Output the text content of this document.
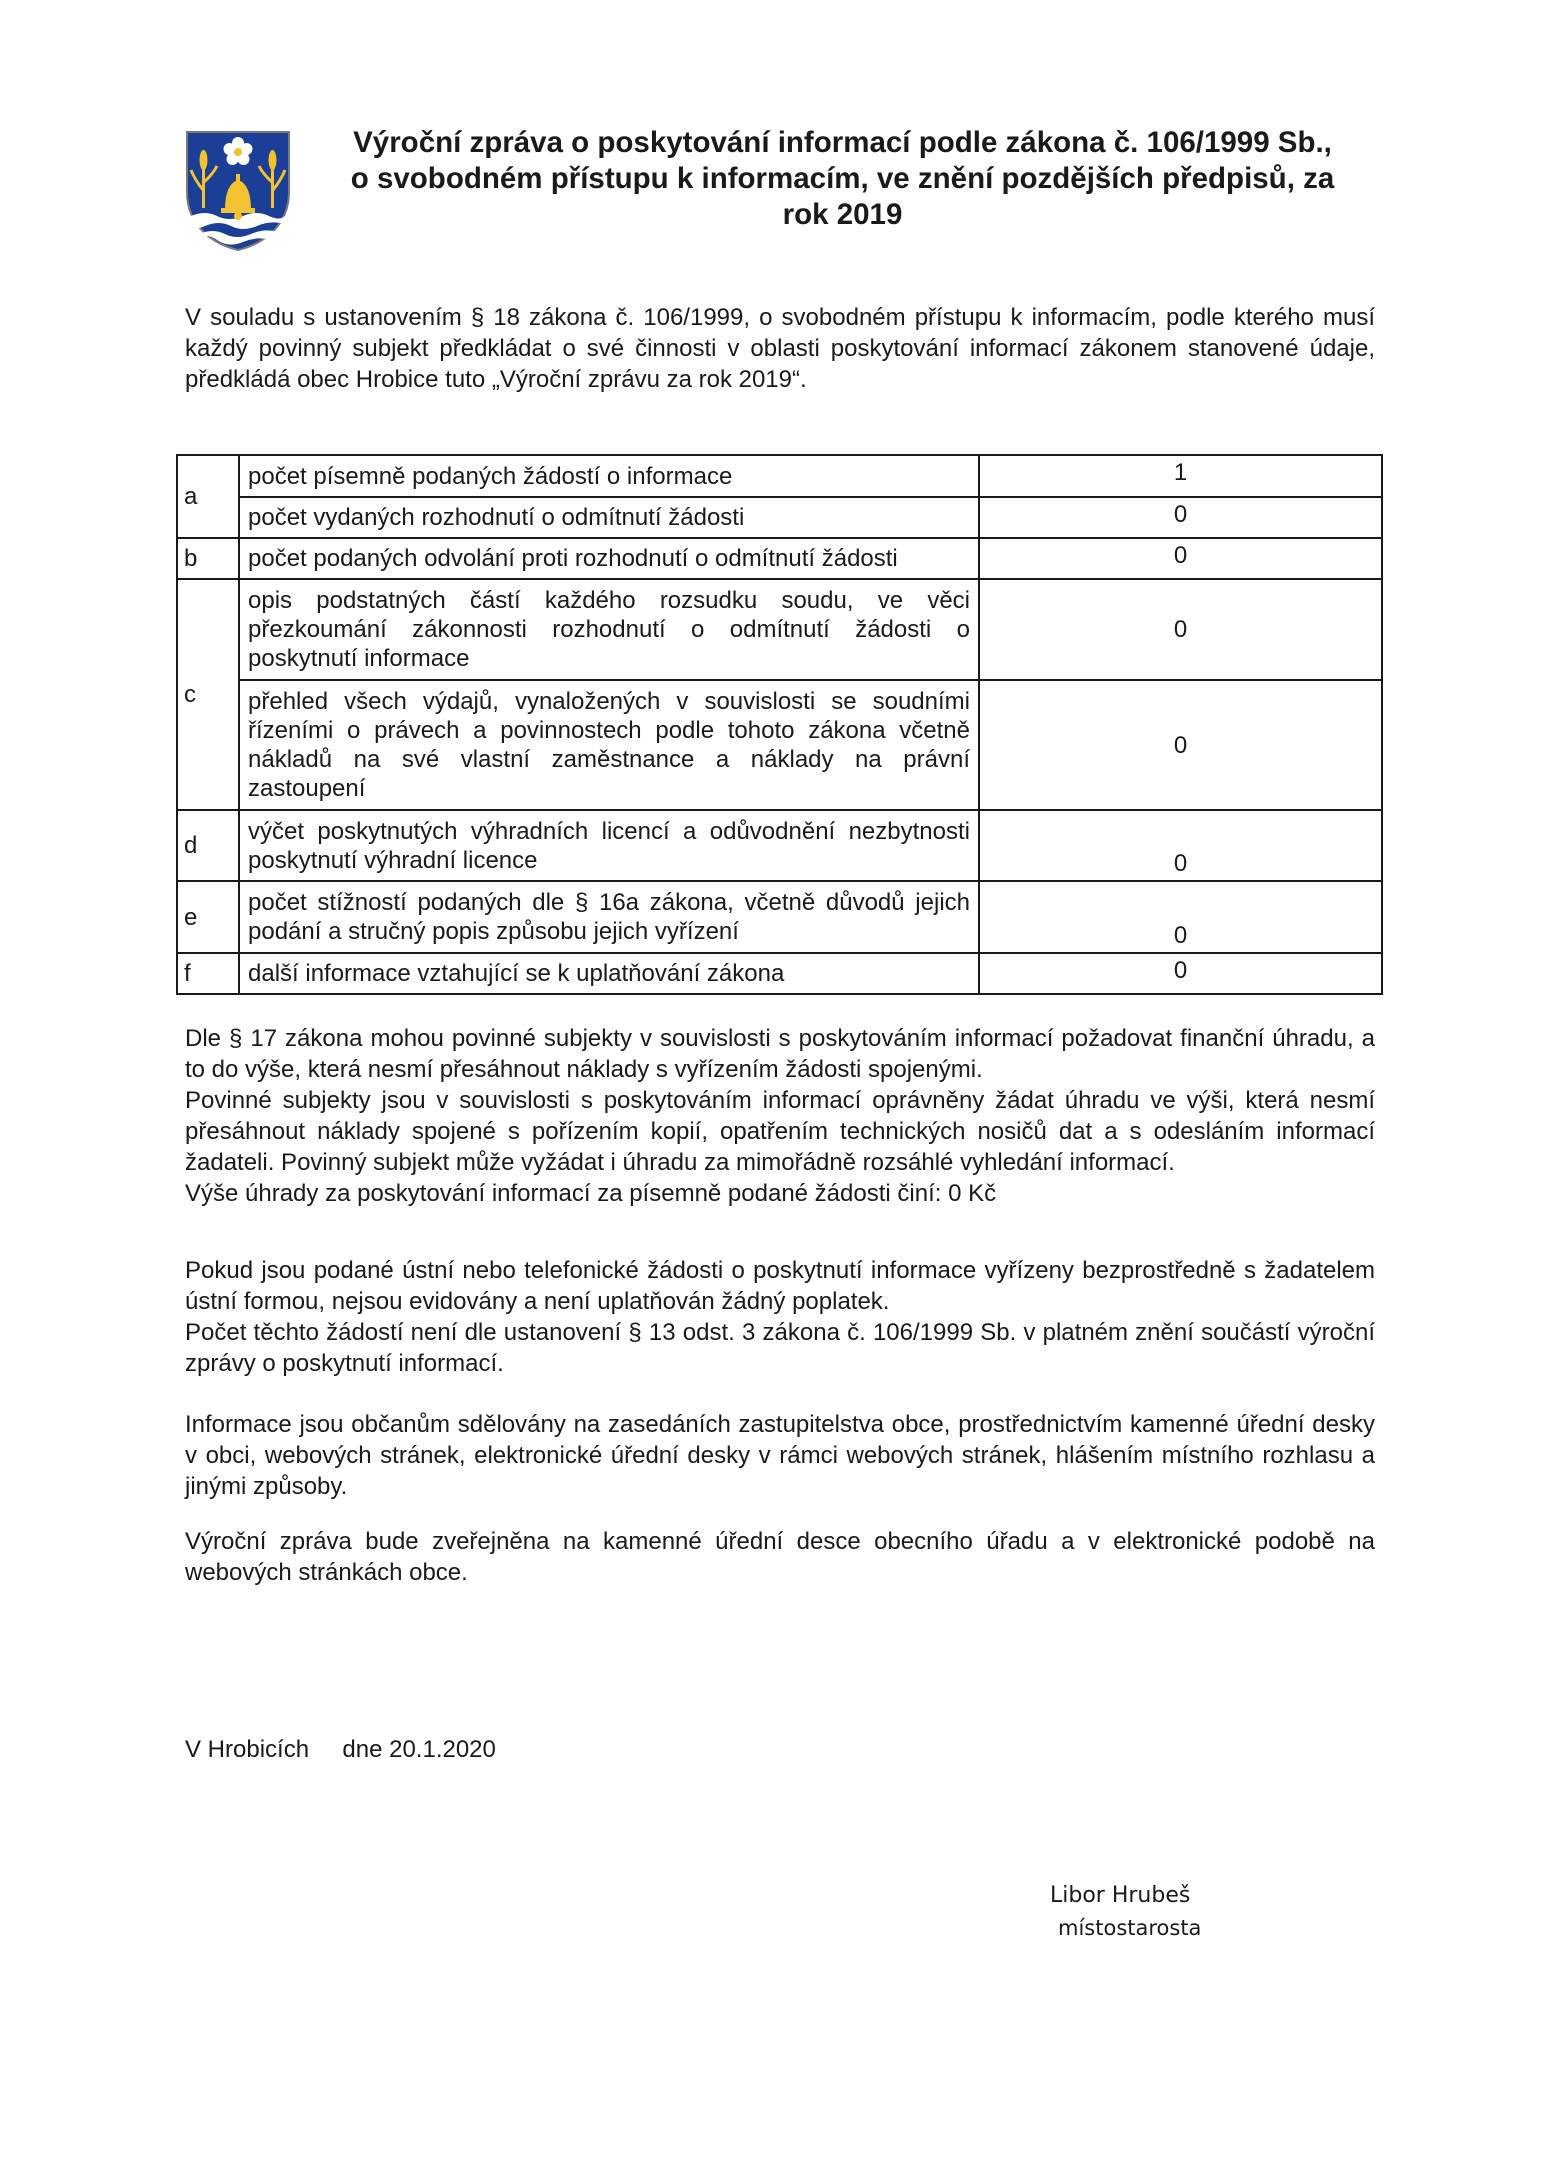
Výroční zpráva o poskytování informací podle zákona č. 106/1999 Sb.,
o svobodném přístupu k informacím, ve znění pozdějších předpisů, za
rok 2019

V souladu s ustanovením § 18 zákona č. 106/1999, o svobodném přístupu k informacím, podle kterého musí každý povinný subjekt předkládat o své činnosti v oblasti poskytování informací zákonem stanovené údaje, předkládá obec Hrobice tuto „Výroční zprávu za rok 2019“.

a	počet písemně podaných žádostí o informace	1
	počet vydaných rozhodnutí o odmítnutí žádosti	0
b	počet podaných odvolání proti rozhodnutí o odmítnutí žádosti	0
c	opis podstatných částí každého rozsudku soudu, ve věci přezkoumání zákonnosti rozhodnutí o odmítnutí žádosti o poskytnutí informace	0
	přehled všech výdajů, vynaložených v souvislosti se soudními řízeními o právech a povinnostech podle tohoto zákona včetně nákladů na své vlastní zaměstnance a náklady na právní zastoupení	0
d	výčet poskytnutých výhradních licencí a odůvodnění nezbytnosti poskytnutí výhradní licence	0
e	počet stížností podaných dle § 16a zákona, včetně důvodů jejich podání a stručný popis způsobu jejich vyřízení	0
f	další informace vztahující se k uplatňování zákona	0

Dle § 17 zákona mohou povinné subjekty v souvislosti s poskytováním informací požadovat finanční úhradu, a to do výše, která nesmí přesáhnout náklady s vyřízením žádosti spojenými.

Povinné subjekty jsou v souvislosti s poskytováním informací oprávněny žádat úhradu ve výši, která nesmí přesáhnout náklady spojené s pořízením kopií, opatřením technických nosičů dat a s odesláním informací žadateli. Povinný subjekt může vyžádat i úhradu za mimořádně rozsáhlé vyhledání informací.

Výše úhrady za poskytování informací za písemně podané žádosti činí: 0 Kč

Pokud jsou podané ústní nebo telefonické žádosti o poskytnutí informace vyřízeny bezprostředně s žadatelem ústní formou, nejsou evidovány a není uplatňován žádný poplatek.

Počet těchto žádostí není dle ustanovení § 13 odst. 3 zákona č. 106/1999 Sb. v platném znění součástí výroční zprávy o poskytnutí informací.

Informace jsou občanům sdělovány na zasedáních zastupitelstva obce, prostřednictvím kamenné úřední desky v obci, webových stránek, elektronické úřední desky v rámci webových stránek, hlášením místního rozhlasu a jinými způsoby.

Výroční zpráva bude zveřejněna na kamenné úřední desce obecního úřadu a v elektronické podobě na webových stránkách obce.

V Hrobicích dne 20.1.2020
Libor Hrubeš
místostarosta
